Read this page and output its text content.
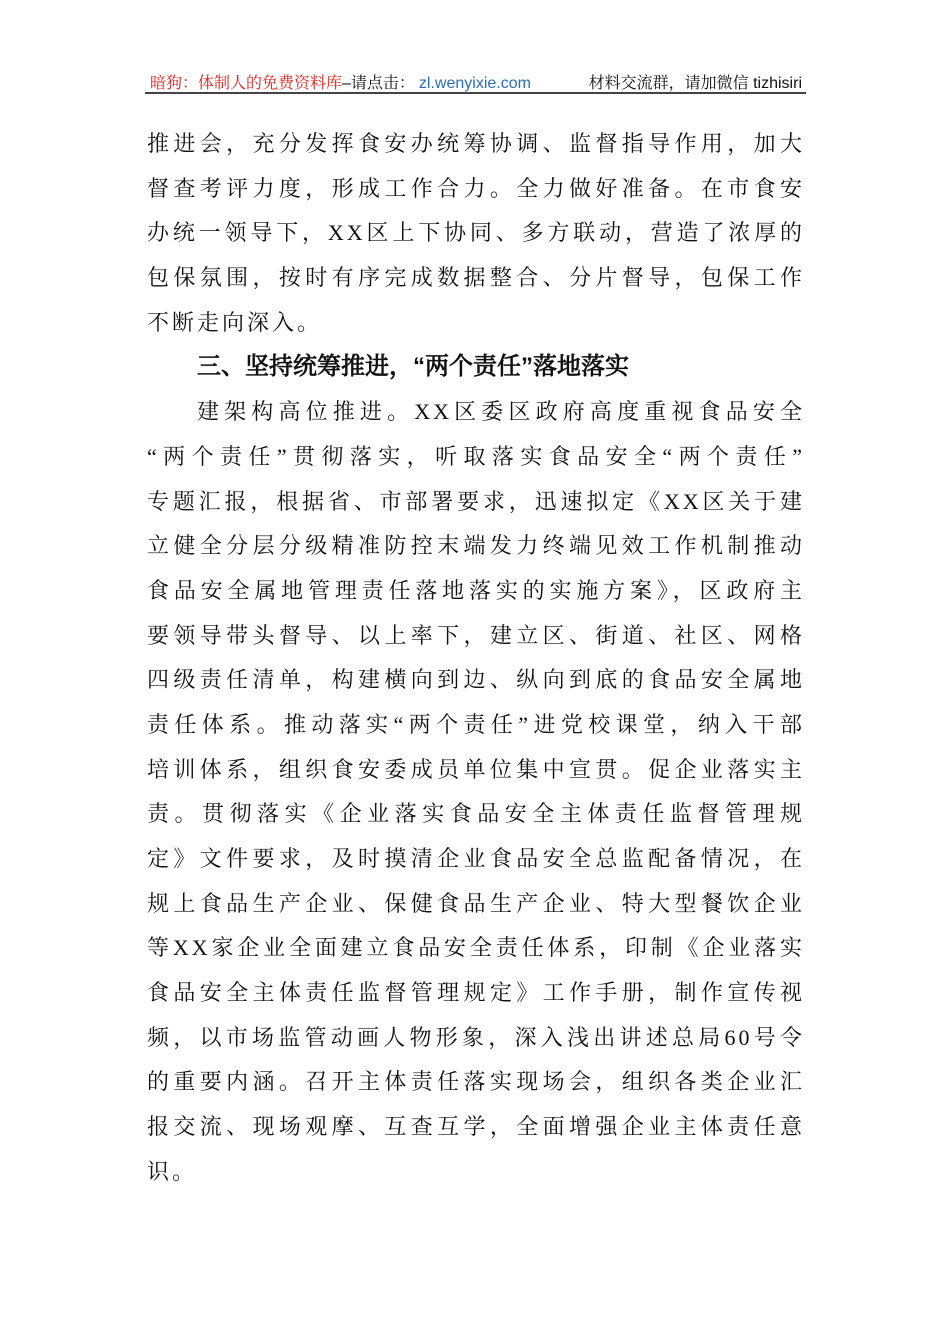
暗狗：体制人的免费资料库 –请点击： zl.wenyixie.com	材料交流群，请加微信 tizhisiri
推进会，充分发挥食安办统筹协调、监督指导作用，加大
督查考评力度，形成工作合力。全力做好准备。在市食安
办统一领导下，XX区上下协同、多方联动，营造了浓厚的
包保氛围，按时有序完成数据整合、分片督导，包保工作
不断走向深入。
三、坚持统筹推进，“两个责任”落地落实
建架构高位推进。XX区委区政府高度重视食品安全
“两个责任”贯彻落实，听取落实食品安全“两个责任”
专题汇报，根据省、市部署要求，迅速拟定《XX区关于建
立健全分层分级精准防控末端发力终端见效工作机制推动
食品安全属地管理责任落地落实的实施方案》，区政府主
要领导带头督导、以上率下，建立区、街道、社区、网格
四级责任清单，构建横向到边、纵向到底的食品安全属地
责任体系。推动落实“两个责任”进党校课堂，纳入干部
培训体系，组织食安委成员单位集中宣贯。促企业落实主
责。贯彻落实《企业落实食品安全主体责任监督管理规
定》文件要求，及时摸清企业食品安全总监配备情况，在
规上食品生产企业、保健食品生产企业、特大型餐饮企业
等XX家企业全面建立食品安全责任体系，印制《企业落实
食品安全主体责任监督管理规定》工作手册，制作宣传视
频，以市场监管动画人物形象，深入浅出讲述总局60号令
的重要内涵。召开主体责任落实现场会，组织各类企业汇
报交流、现场观摩、互查互学，全面增强企业主体责任意
识。
